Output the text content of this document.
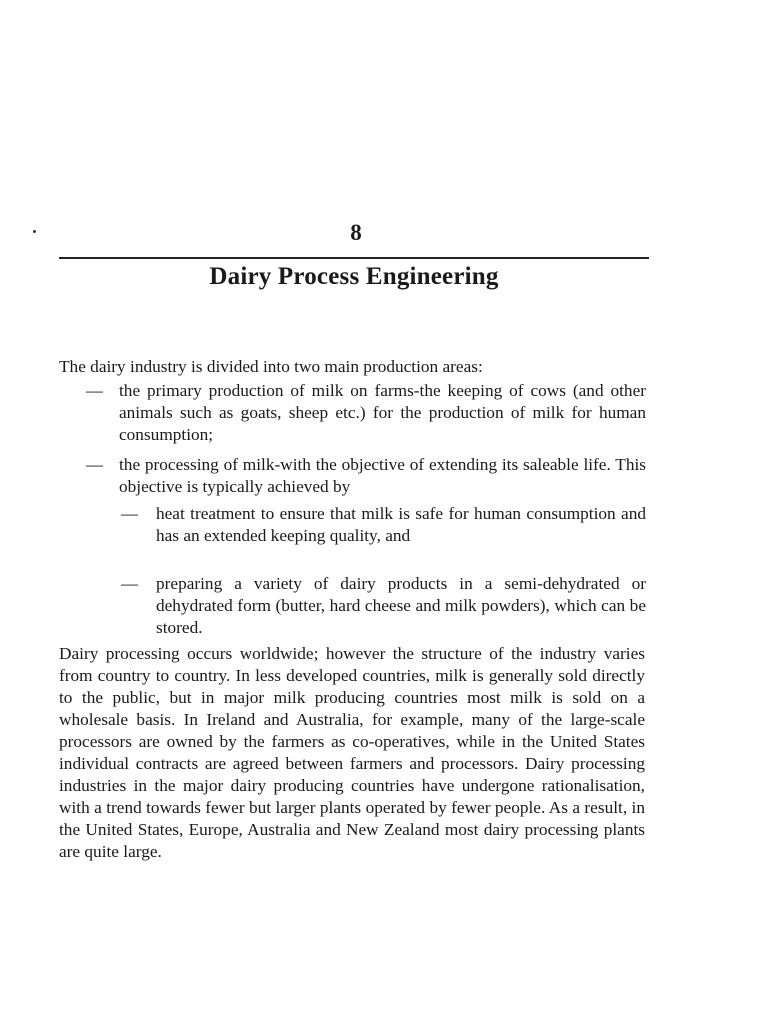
8
Dairy Process Engineering

The dairy industry is divided into two main production areas:

— the primary production of milk on farms-the keeping of cows (and other animals such as goats, sheep etc.) for the production of milk for human consumption;

— the processing of milk-with the objective of extending its saleable life. This objective is typically achieved by

— heat treatment to ensure that milk is safe for human consumption and has an extended keeping quality, and

— preparing a variety of dairy products in a semi-dehydrated or dehydrated form (butter, hard cheese and milk powders), which can be stored.

Dairy processing occurs worldwide; however the structure of the industry varies from country to country. In less developed countries, milk is generally sold directly to the public, but in major milk producing countries most milk is sold on a wholesale basis. In Ireland and Australia, for example, many of the large-scale processors are owned by the farmers as co-operatives, while in the United States individual contracts are agreed between farmers and processors. Dairy processing industries in the major dairy producing countries have undergone rationalisation, with a trend towards fewer but larger plants operated by fewer people. As a result, in the United States, Europe, Australia and New Zealand most dairy processing plants are quite large.
